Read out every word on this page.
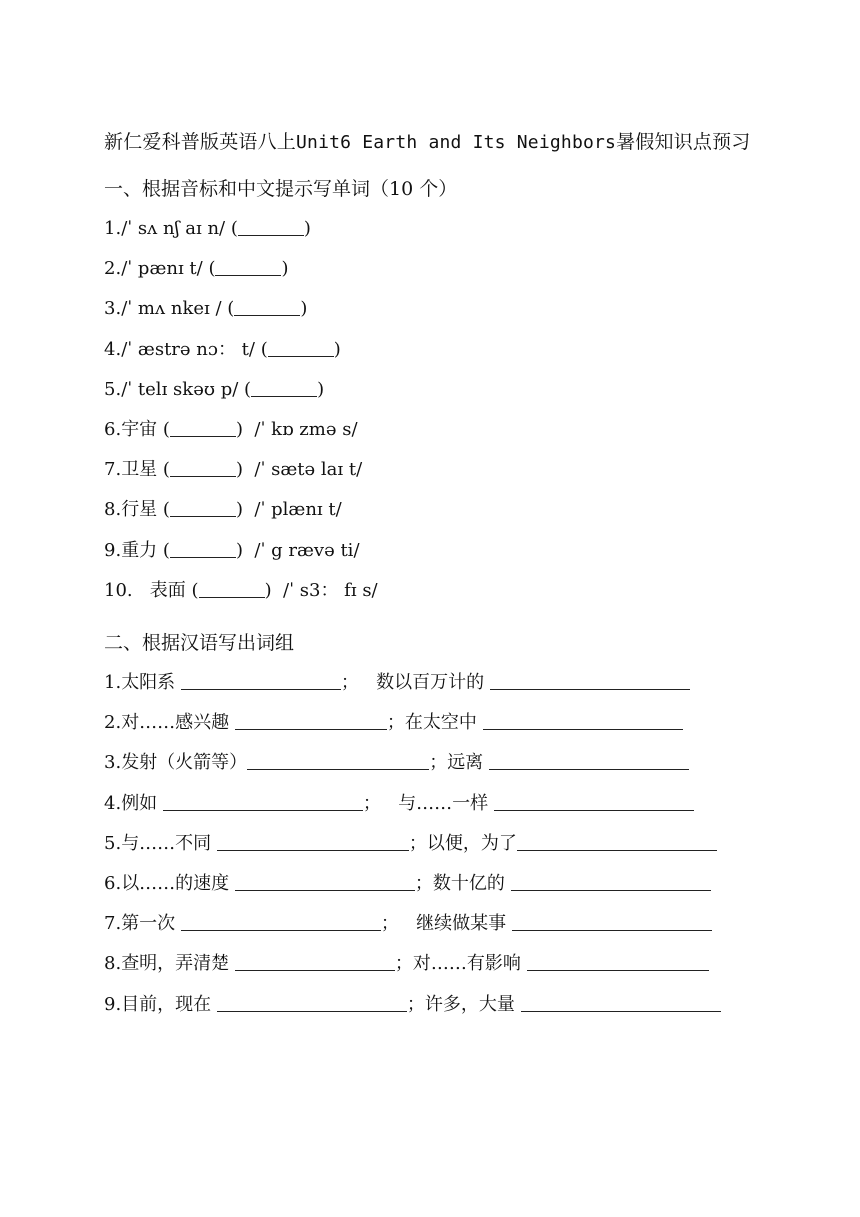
新仁爱科普版英语八上Unit6 Earth and Its Neighbors暑假知识点预习
一、根据音标和中文提示写单词（10 个）
1./ˈ sʌ nʃ aɪ n/ (	)
2./ˈ pænɪ t/ (	)
3./ˈ mʌ nkeɪ / (	)
4./ˈ æstrə nɔ： t/ (	)
5./ˈ telɪ skəʊ p/ (	)
6.宇宙 (	)  /ˈ kɒ zmə s/
7.卫星 (	)  /ˈ sætə laɪ t/
8.行星 (	)  /ˈ plænɪ t/
9.重力 (	)  /ˈ g rævə ti/
10.   表面 (	)  /ˈ s3： fɪ s/
二、根据汉语写出词组
1.太阳系	；   数以百万计的
2.对……感兴趣	；在太空中
3.发射（火箭等）	；远离
4.例如	；   与……一样
5.与……不同	；以便，为了
6.以……的速度	；数十亿的
7.第一次	；   继续做某事
8.查明，弄清楚	；对……有影响
9.目前，现在	；许多，大量
